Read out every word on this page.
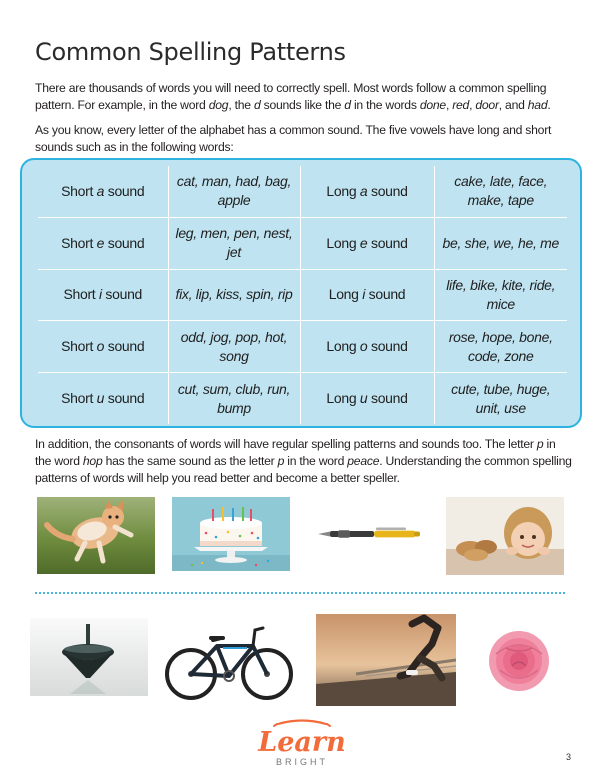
Common Spelling Patterns

There are thousands of words you will need to correctly spell. Most words follow a common spelling pattern. For example, in the word dog, the d sounds like the d in the words done, red, door, and had.

As you know, every letter of the alphabet has a common sound. The five vowels have long and short sounds such as in the following words:

Short a sound	cat, man, had, bag, apple	Long a sound	cake, late, face, make, tape
Short e sound	leg, men, pen, nest, jet	Long e sound	be, she, we, he, me
Short i sound	fix, lip, kiss, spin, rip	Long i sound	life, bike, kite, ride, mice
Short o sound	odd, jog, pop, hot, song	Long o sound	rose, hope, bone, code, zone
Short u sound	cut, sum, club, run, bump	Long u sound	cute, tube, huge, unit, use

In addition, the consonants of words will have regular spelling patterns and sounds too. The letter p in the word hop has the same sound as the letter p in the word peace. Understanding the common spelling patterns of words will help you read better and become a better speller.

Learn
BRIGHT	3
